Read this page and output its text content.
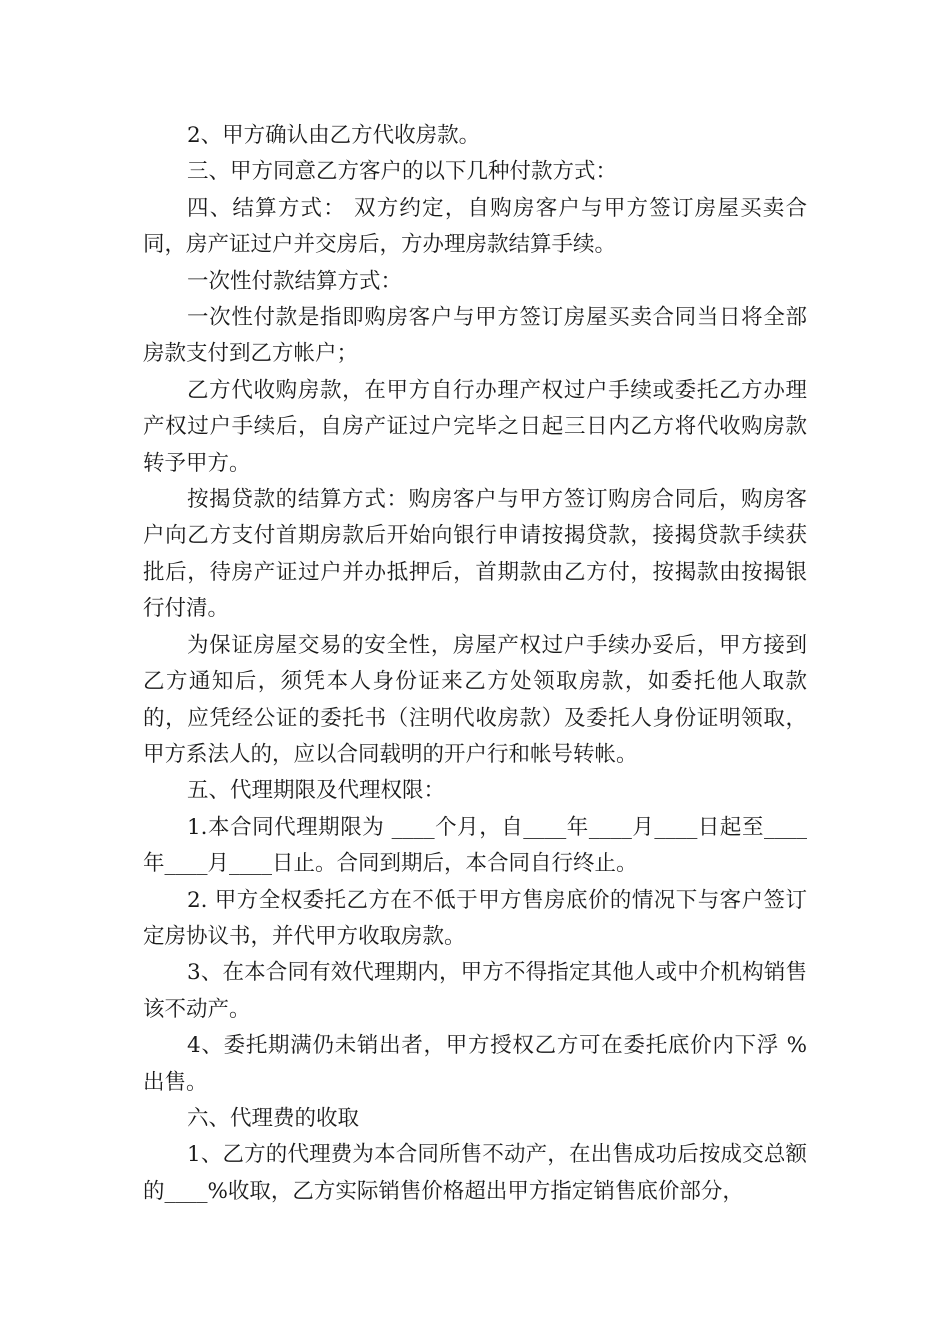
2、甲方确认由乙方代收房款。

三、甲方同意乙方客户的以下几种付款方式：

四、结算方式： 双方约定，自购房客户与甲方签订房屋买卖合同，房产证过户并交房后，方办理房款结算手续。

一次性付款结算方式：

一次性付款是指即购房客户与甲方签订房屋买卖合同当日将全部房款支付到乙方帐户；

乙方代收购房款，在甲方自行办理产权过户手续或委托乙方办理产权过户手续后，自房产证过户完毕之日起三日内乙方将代收购房款转予甲方。

按揭贷款的结算方式：购房客户与甲方签订购房合同后，购房客户向乙方支付首期房款后开始向银行申请按揭贷款，接揭贷款手续获批后，待房产证过户并办抵押后，首期款由乙方付，按揭款由按揭银行付清。

为保证房屋交易的安全性，房屋产权过户手续办妥后，甲方接到乙方通知后，须凭本人身份证来乙方处领取房款，如委托他人取款的，应凭经公证的委托书（注明代收房款）及委托人身份证明领取，甲方系法人的，应以合同载明的开户行和帐号转帐。

五、代理期限及代理权限：

1.本合同代理期限为 ____个月，自____年____月____日起至____年____月____日止。合同到期后，本合同自行终止。

2. 甲方全权委托乙方在不低于甲方售房底价的情况下与客户签订定房协议书，并代甲方收取房款。

3、在本合同有效代理期内，甲方不得指定其他人或中介机构销售该不动产。

4、委托期满仍未销出者，甲方授权乙方可在委托底价内下浮 %出售。

六、代理费的收取

1、乙方的代理费为本合同所售不动产，在出售成功后按成交总额的____%收取，乙方实际销售价格超出甲方指定销售底价部分，
